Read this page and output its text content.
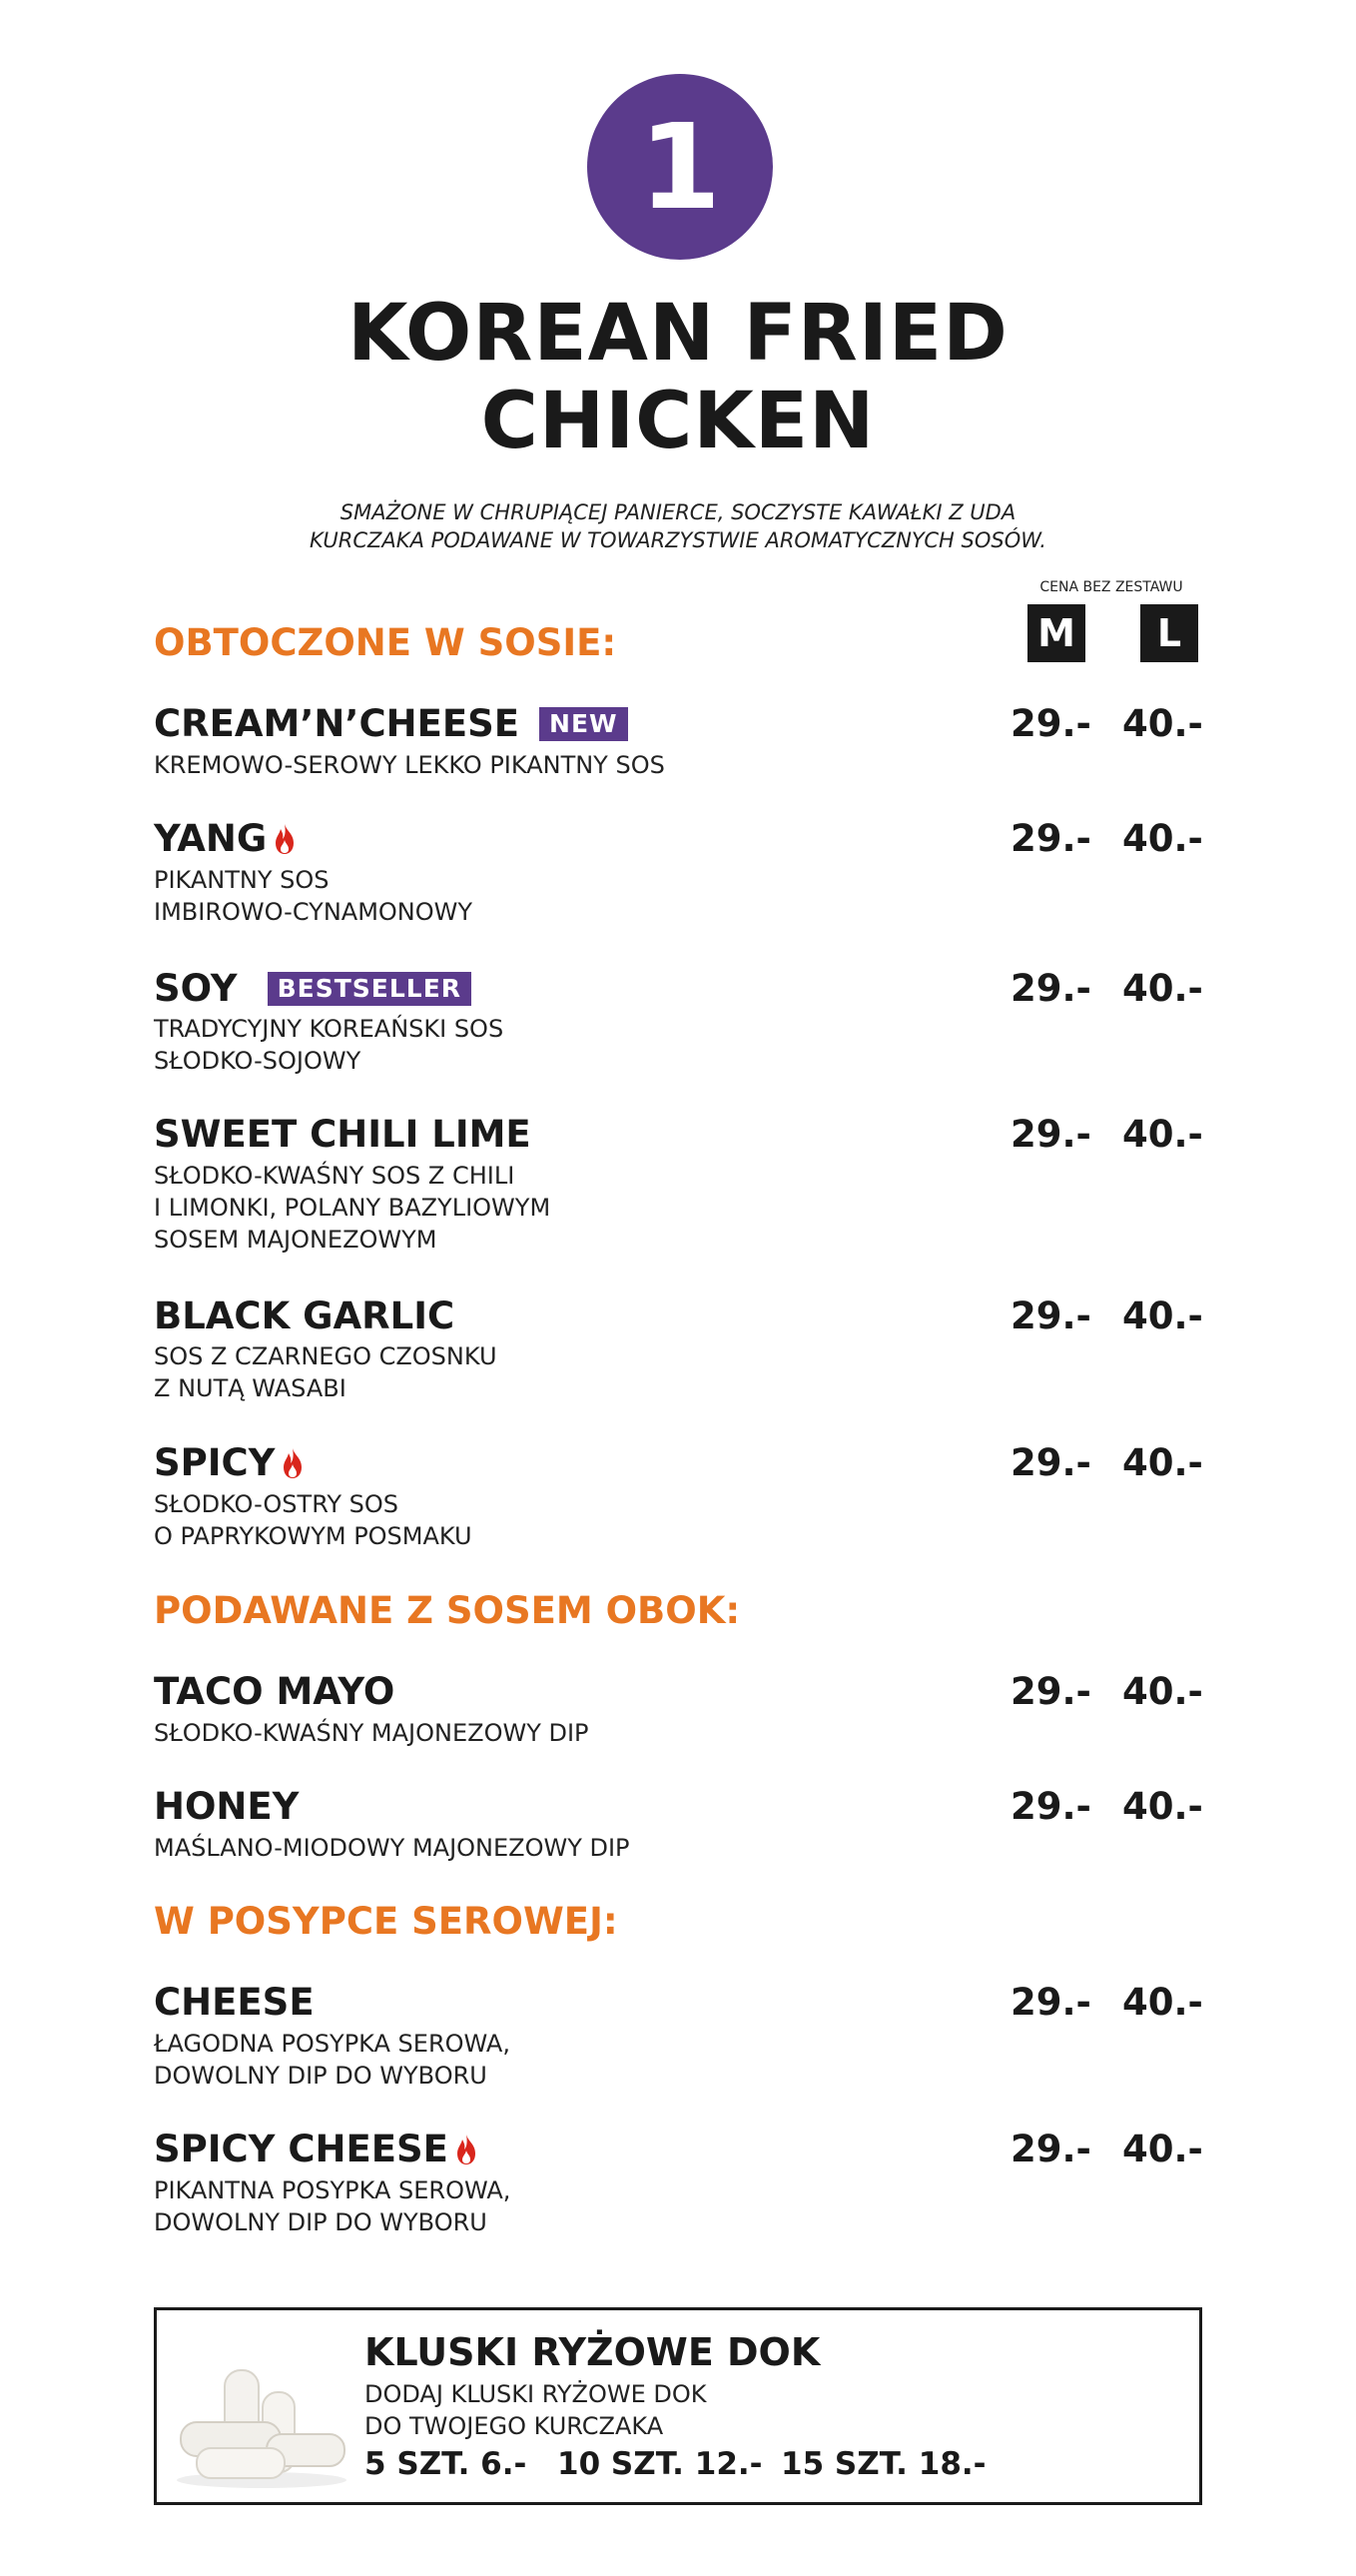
1
KOREAN FRIED
CHICKEN
SMAŻONE W CHRUPIĄCEJ PANIERCE, SOCZYSTE KAWAŁKI Z UDA
KURCZAKA PODAWANE W TOWARZYSTWIE AROMATYCZNYCH SOSÓW.
CENA BEZ ZESTAWU
M	L
OBTOCZONE W SOSIE:
CREAM’N’CHEESE	NEW
KREMOWO-SEROWY LEKKO PIKANTNY SOS
29.- 40.-
YANG
PIKANTNY SOS
IMBIROWO-CYNAMONOWY
29.- 40.-
SOY	BESTSELLER
TRADYCYJNY KOREAŃSKI SOS
SŁODKO-SOJOWY
29.- 40.-
SWEET CHILI LIME
SŁODKO-KWAŚNY SOS Z CHILI
I LIMONKI, POLANY BAZYLIOWYM
SOSEM MAJONEZOWYM
29.- 40.-
BLACK GARLIC
SOS Z CZARNEGO CZOSNKU
Z NUTĄ WASABI
29.- 40.-
SPICY
SŁODKO-OSTRY SOS
O PAPRYKOWYM POSMAKU
29.- 40.-
PODAWANE Z SOSEM OBOK:
TACO MAYO
SŁODKO-KWAŚNY MAJONEZOWY DIP
29.- 40.-
HONEY
MAŚLANO-MIODOWY MAJONEZOWY DIP
29.- 40.-
W POSYPCE SEROWEJ:
CHEESE
ŁAGODNA POSYPKA SEROWA,
DOWOLNY DIP DO WYBORU
29.- 40.-
SPICY CHEESE
PIKANTNA POSYPKA SEROWA,
DOWOLNY DIP DO WYBORU
29.- 40.-
KLUSKI RYŻOWE DOK
DODAJ KLUSKI RYŻOWE DOK
DO TWOJEGO KURCZAKA
5 SZT. 6.- 10 SZT. 12.- 15 SZT. 18.-
